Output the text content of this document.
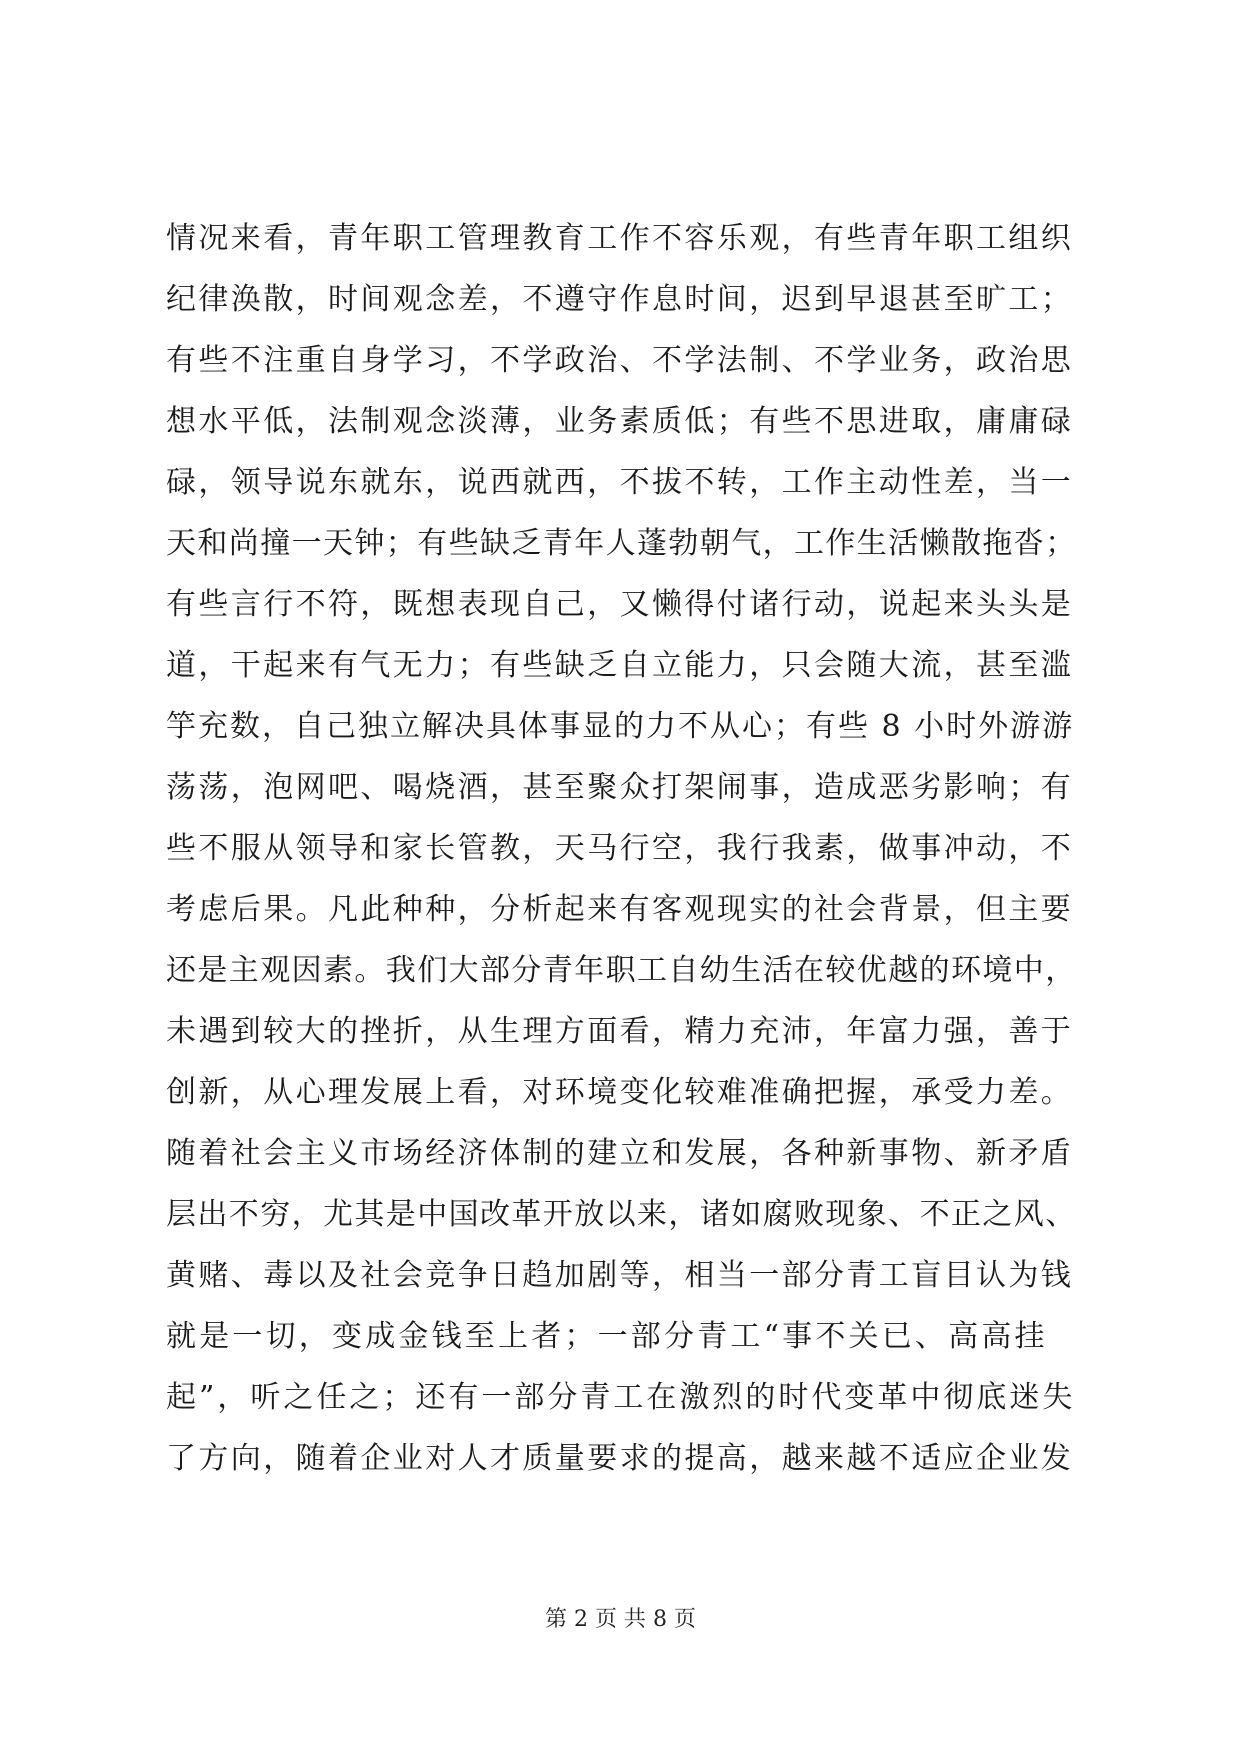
情况来看，青年职工管理教育工作不容乐观，有些青年职工组织
纪律涣散，时间观念差，不遵守作息时间，迟到早退甚至旷工；
有些不注重自身学习，不学政治、不学法制、不学业务，政治思
想水平低，法制观念淡薄，业务素质低；有些不思进取，庸庸碌
碌，领导说东就东，说西就西，不拔不转，工作主动性差，当一
天和尚撞一天钟；有些缺乏青年人蓬勃朝气，工作生活懒散拖沓；
有些言行不符，既想表现自己，又懒得付诸行动，说起来头头是
道，干起来有气无力；有些缺乏自立能力，只会随大流，甚至滥
竽充数，自己独立解决具体事显的力不从心；有些 8 小时外游游
荡荡，泡网吧、喝烧酒，甚至聚众打架闹事，造成恶劣影响；有
些不服从领导和家长管教，天马行空，我行我素，做事冲动，不
考虑后果。凡此种种，分析起来有客观现实的社会背景，但主要
还是主观因素。我们大部分青年职工自幼生活在较优越的环境中，
未遇到较大的挫折，从生理方面看，精力充沛，年富力强，善于
创新，从心理发展上看，对环境变化较难准确把握，承受力差。
随着社会主义市场经济体制的建立和发展，各种新事物、新矛盾
层出不穷，尤其是中国改革开放以来，诸如腐败现象、不正之风、
黄赌、毒以及社会竞争日趋加剧等，相当一部分青工盲目认为钱
就是一切，变成金钱至上者；一部分青工“事不关已、高高挂
起”，听之任之；还有一部分青工在激烈的时代变革中彻底迷失
了方向，随着企业对人才质量要求的提高，越来越不适应企业发
第 2 页 共 8 页
